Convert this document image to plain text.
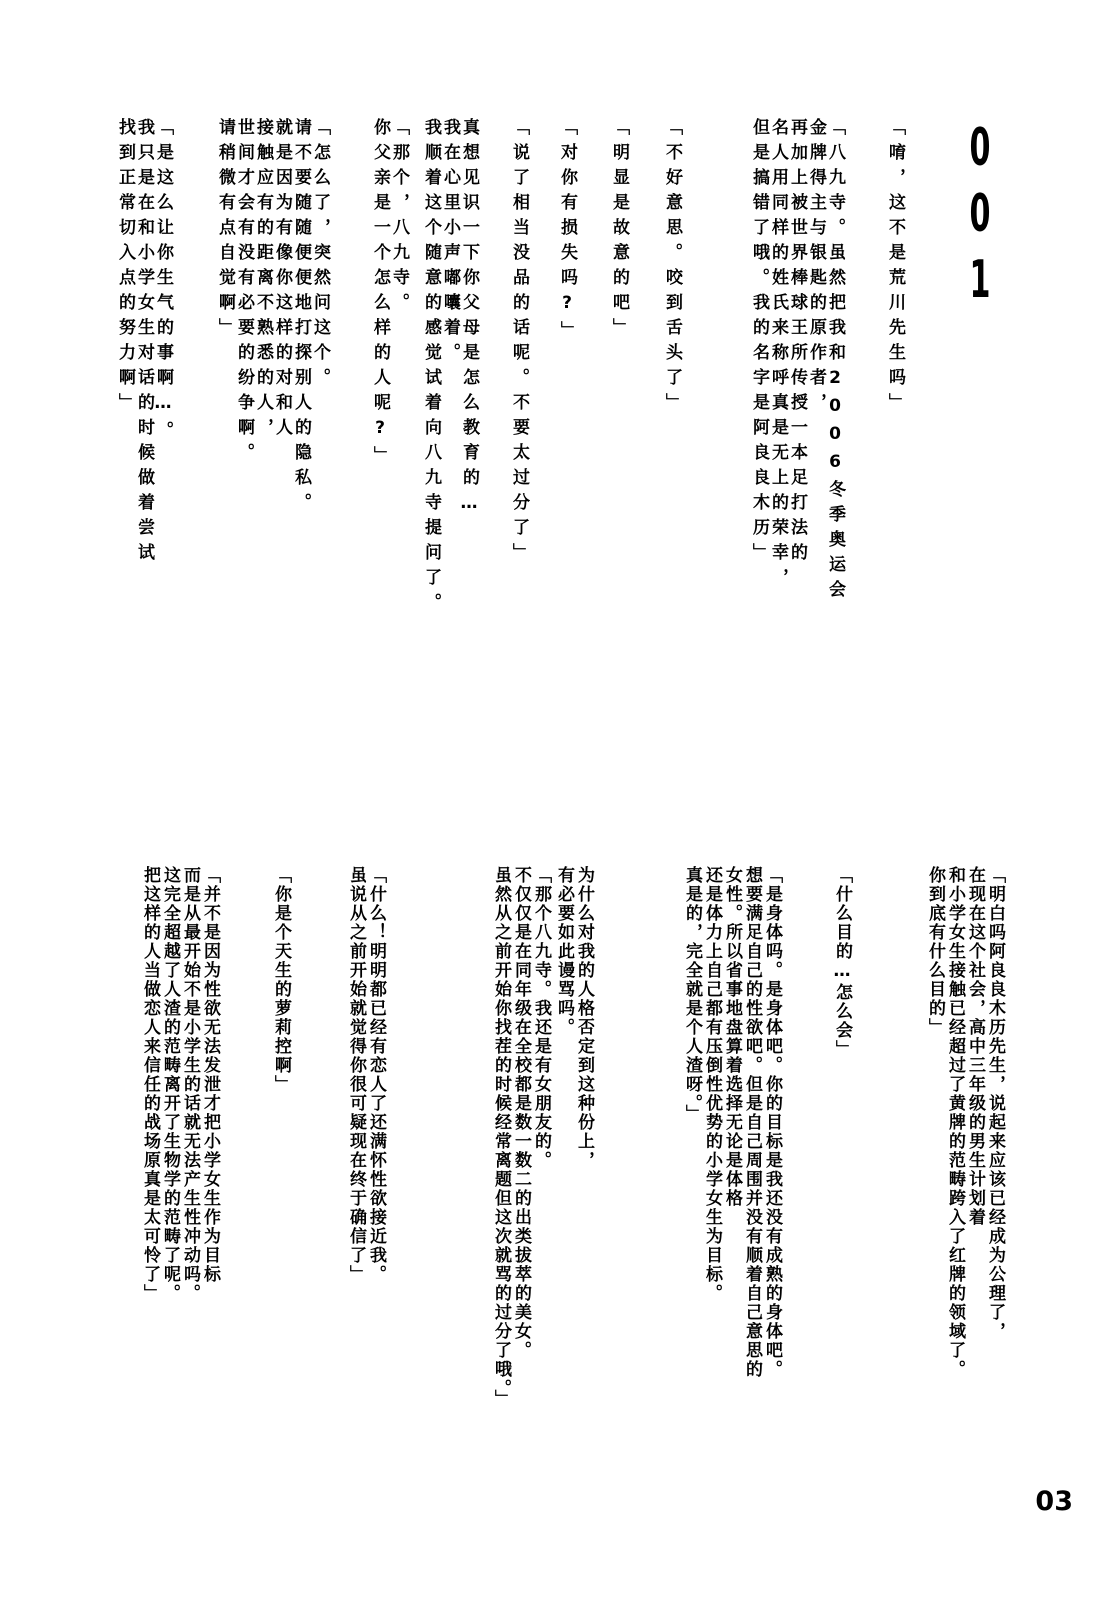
001

「唷，这不是荒川先生吗」

「八九寺。虽然把我和2006冬季奥运会

金牌得主与银匙的原作者，

再加上被世界棒球王所传授一本足打法的

名人用同样的姓氏来称呼真是无上的荣幸，

但是搞错了哦。我的名字是阿良良木历」

「不好意思。咬到舌头了」

「明显是故意的吧」

「对你有损失吗?」

「说了相当没品的话呢。不要太过分了」

真想见识一下你父母是怎么教育的…

我在心里小声嘟囔着。

我顺着这个随意的感觉试着向八九寺提问了。

「那个，八九寺。

你父亲是一个怎么样的人呢?」

「怎么了，突然问这个。

请不要随随便便地打探别人的隐私。

就是因为有像你这样的对和人

接触应有的距离不熟悉的人，

世间才会有没有必要的纷争啊。

请稍微有点自觉啊」

「是这么让你生气的事啊…。

我只是在和小学女生对话的时候做着尝试

找到正常切入点的努力啊」

「明白吗阿良良木历先生，说起来应该已经成为公理了，

在现在这个社会，高中三年级的男生计划着

和小学女生接触已经超过了黄牌的范畴跨入了红牌的领域了。

你到底有什么目的」

「什么目的…怎么会」

「是身体吗。是身体吧。你的目标是我还没有成熟的身体吧。

想要满足自己的性欲吧。但是自己周围并没有顺着自己意思的

女性。所以省事地盘算着选择无论是体格

还是体力上自己都有压倒性优势的小学女生为目标。

真是的，完全就是个人渣呀。」

为什么对我的人格否定到这种份上，

有必要如此谩骂吗。

「那个八九寺。我还是有女朋友的。

不仅仅是在同年级在全校都是数一数二的出类拔萃的美女。

虽然从之前开始你找茬的时候经常离题但这次就骂的过分了哦。」

「什么！明明都已经有恋人了还满怀性欲接近我。

虽说从之前开始就觉得你很可疑现在终于确信了」

「你是个天生的萝莉控啊」

「并不是因为性欲无法发泄才把小学女生作为目标

而是从最开始不是小学生的话就无法产生性冲动吗。

这完全超越了人渣的范畴离开了生物学的范畴了呢。

把这样的人当做恋人来信任的战场原真是太可怜了」

03
